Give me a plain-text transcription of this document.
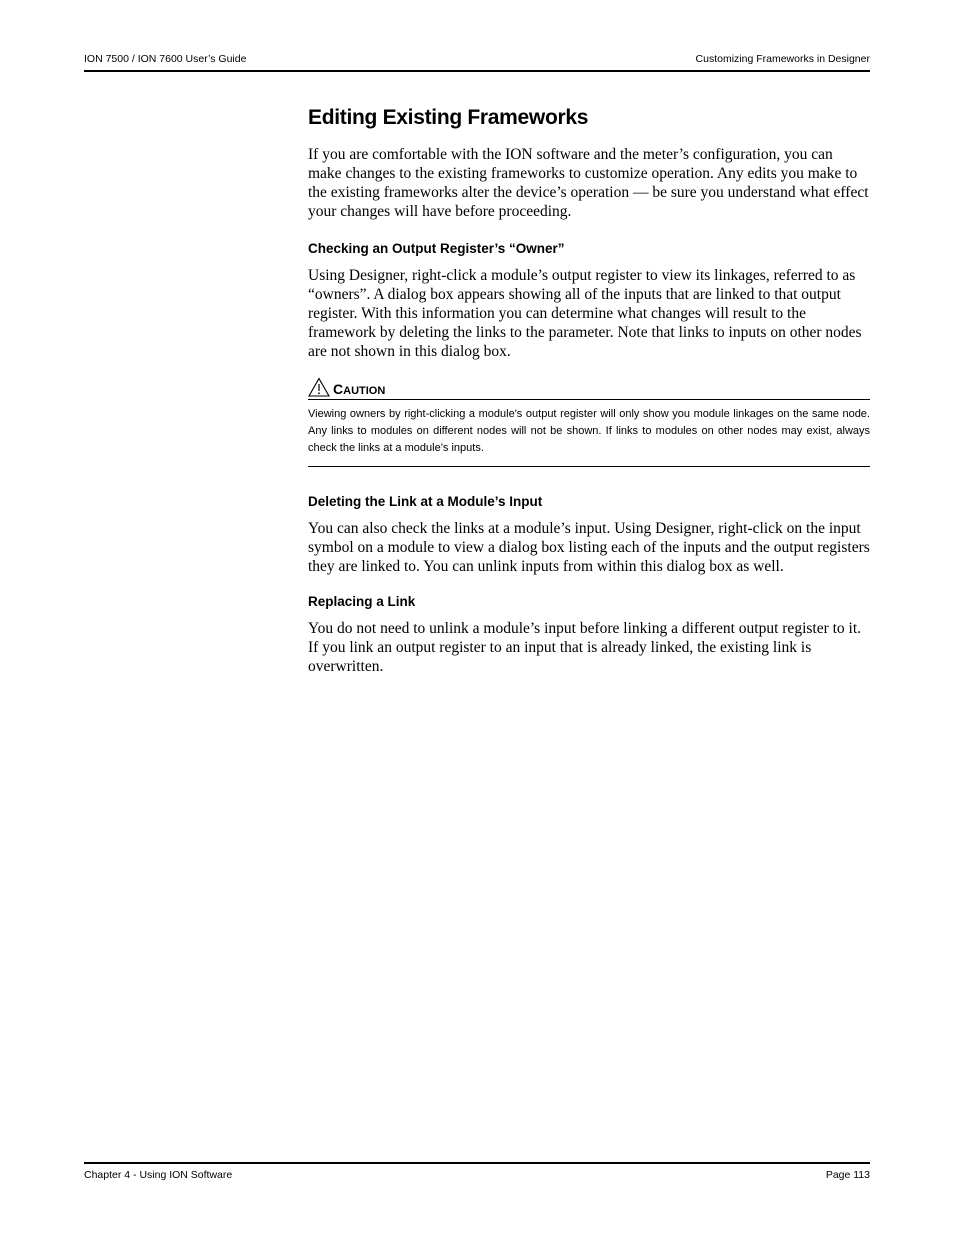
ION 7500 / ION 7600 User’s Guide	Customizing Frameworks in Designer
Editing Existing Frameworks

If you are comfortable with the ION software and the meter’s configuration, you can make changes to the existing frameworks to customize operation. Any edits you make to the existing frameworks alter the device’s operation — be sure you understand what effect your changes will have before proceeding.

Checking an Output Register’s “Owner”

Using Designer, right-click a module’s output register to view its linkages, referred to as “owners”. A dialog box appears showing all of the inputs that are linked to that output register. With this information you can determine what changes will result to the framework by deleting the links to the parameter. Note that links to inputs on other nodes are not shown in this dialog box.

C AUTION
Viewing owners by right-clicking a module's output register will only show you module linkages on the same node. Any links to modules on different nodes will not be shown. If links to modules on other nodes may exist, always check the links at a module’s inputs.
Deleting the Link at a Module’s Input

You can also check the links at a module’s input. Using Designer, right-click on the input symbol on a module to view a dialog box listing each of the inputs and the output registers they are linked to. You can unlink inputs from within this dialog box as well.

Replacing a Link

You do not need to unlink a module’s input before linking a different output register to it. If you link an output register to an input that is already linked, the existing link is overwritten.

Chapter 4 - Using ION Software	Page 113
